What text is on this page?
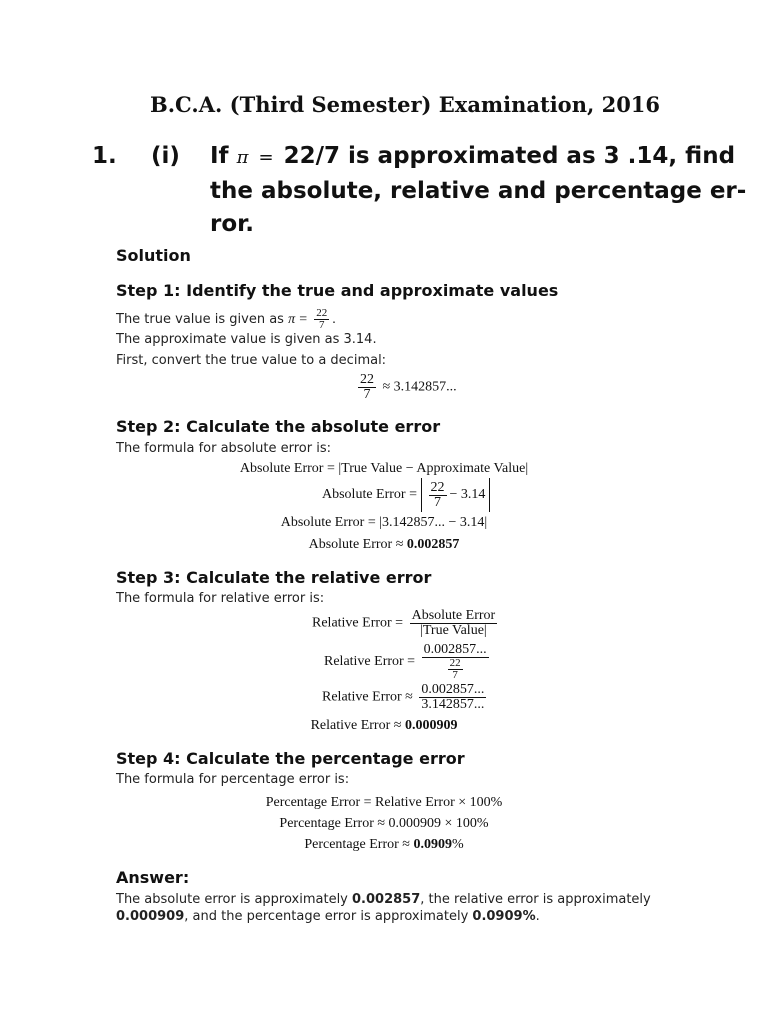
B.C.A. (Third Semester) Examination, 2016
1. (i) If π = 22/7 is approximated as 3 .14, find
the absolute, relative and percentage er-
ror.
Solution
Step 1: Identify the true and approximate values
The true value is given as $\pi = \frac{22}{7}$ .
The approximate value is given as 3.14.
First, convert the true value to a decimal:
$\frac{22}{7} \approx 3.142857$...
Step 2: Calculate the absolute error
The formula for absolute error is:
Absolute Error = |True Value − Approximate Value|
Absolute Error = $\frac{22}{7} - 3.14$
Absolute Error = |3.142857... − 3.14|
Absolute Error ≈ 0.002857
Step 3: Calculate the relative error
The formula for relative error is:
Relative Error = $\frac{\text{Absolute Error}}{\text{|True Value|}}$
Relative Error = $\frac{0.002857...}{\frac{22}{7}}$
Relative Error ≈ $\frac{0.002857...}{3.142857...}$
Relative Error ≈ 0.000909
Step 4: Calculate the percentage error
The formula for percentage error is:
Percentage Error = Relative Error × 100%
Percentage Error ≈ 0.000909 × 100%
Percentage Error ≈ 0.0909%
Answer:
The absolute error is approximately 0.002857, the relative error is approximately
0.000909, and the percentage error is approximately 0.0909%.
